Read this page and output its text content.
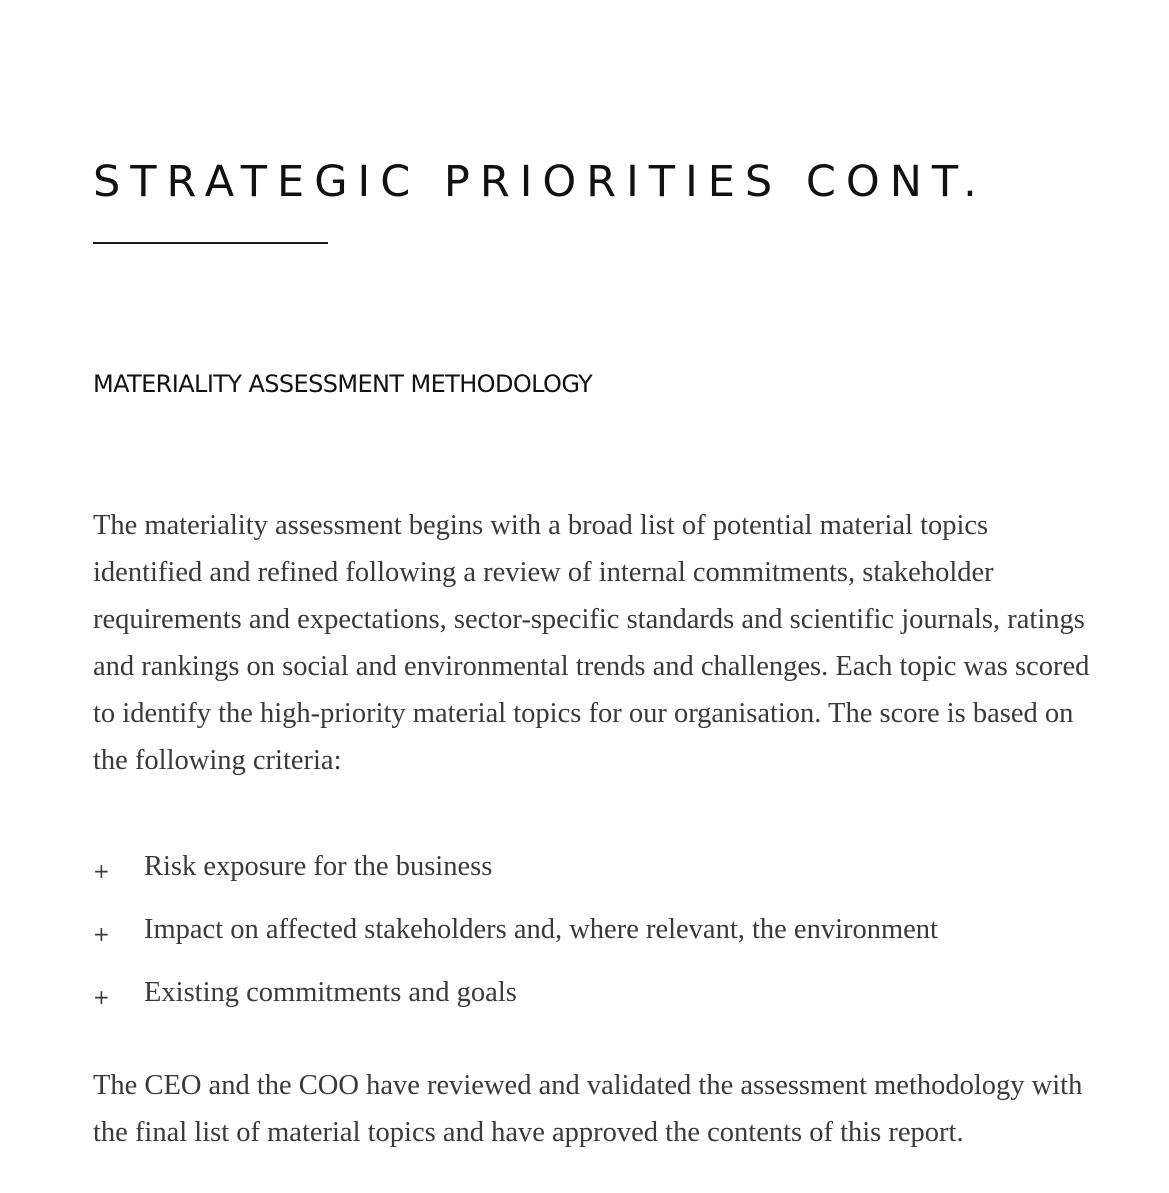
STRATEGIC PRIORITIES CONT.
MATERIALITY ASSESSMENT METHODOLOGY

The materiality assessment begins with a broad list of potential material topics identified and refined following a review of internal commitments, stakeholder requirements and expectations, sector-specific standards and scientific journals, ratings and rankings on social and environmental trends and challenges. Each topic was scored to identify the high-priority material topics for our organisation. The score is based on the following criteria:

+ Risk exposure for the business
+ Impact on affected stakeholders and, where relevant, the environment
+ Existing commitments and goals

The CEO and the COO have reviewed and validated the assessment methodology with the final list of material topics and have approved the contents of this report.
